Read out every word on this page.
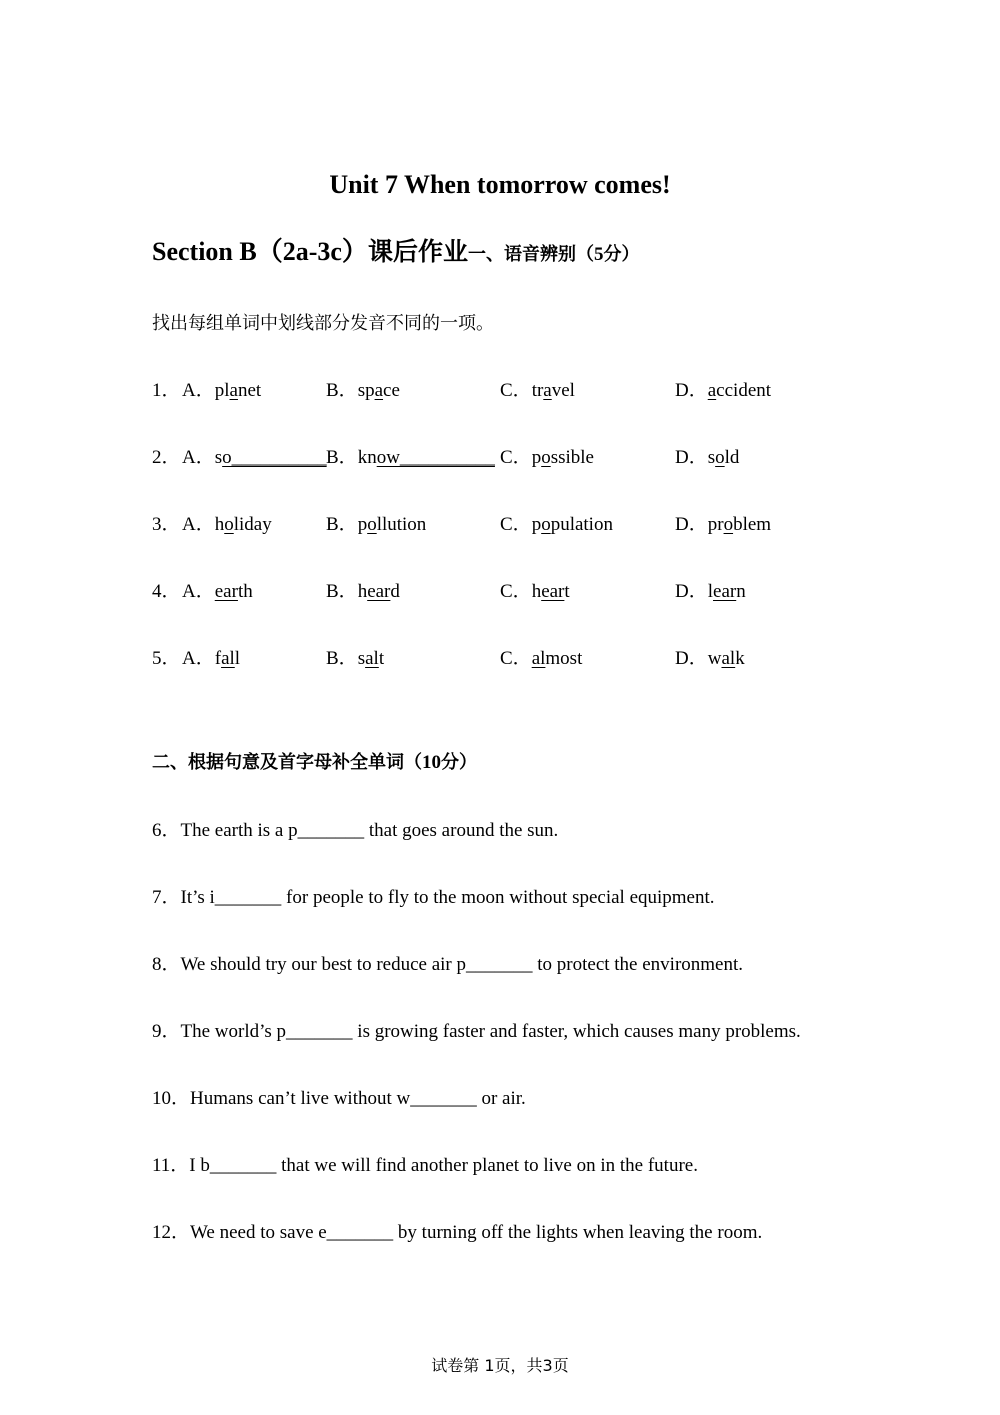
Unit 7 When tomorrow comes!
Section B（2a-3c）课后作业一、语音辨别（5分）
找出每组单词中划线部分发音不同的一项。
1． A．planet	B．space	C．travel	D．accident
2． A．so__________ B．know__________ C．possible	D．sold
3． A．holiday	B．pollution	C．population	D．problem
4． A．earth	B．heard	C．heart	D．learn
5． A．fall	B．salt	C．almost	D．walk
二、根据句意及首字母补全单词（10分）
6．The earth is a p_______ that goes around the sun.
7．It’s i_______ for people to fly to the moon without special equipment.
8．We should try our best to reduce air p_______ to protect the environment.
9．The world’s p_______ is growing faster and faster, which causes many problems.
10．Humans can’t live without w_______ or air.
11．I b_______ that we will find another planet to live on in the future.
12．We need to save e_______ by turning off the lights when leaving the room.
试卷第 1页，共3页
